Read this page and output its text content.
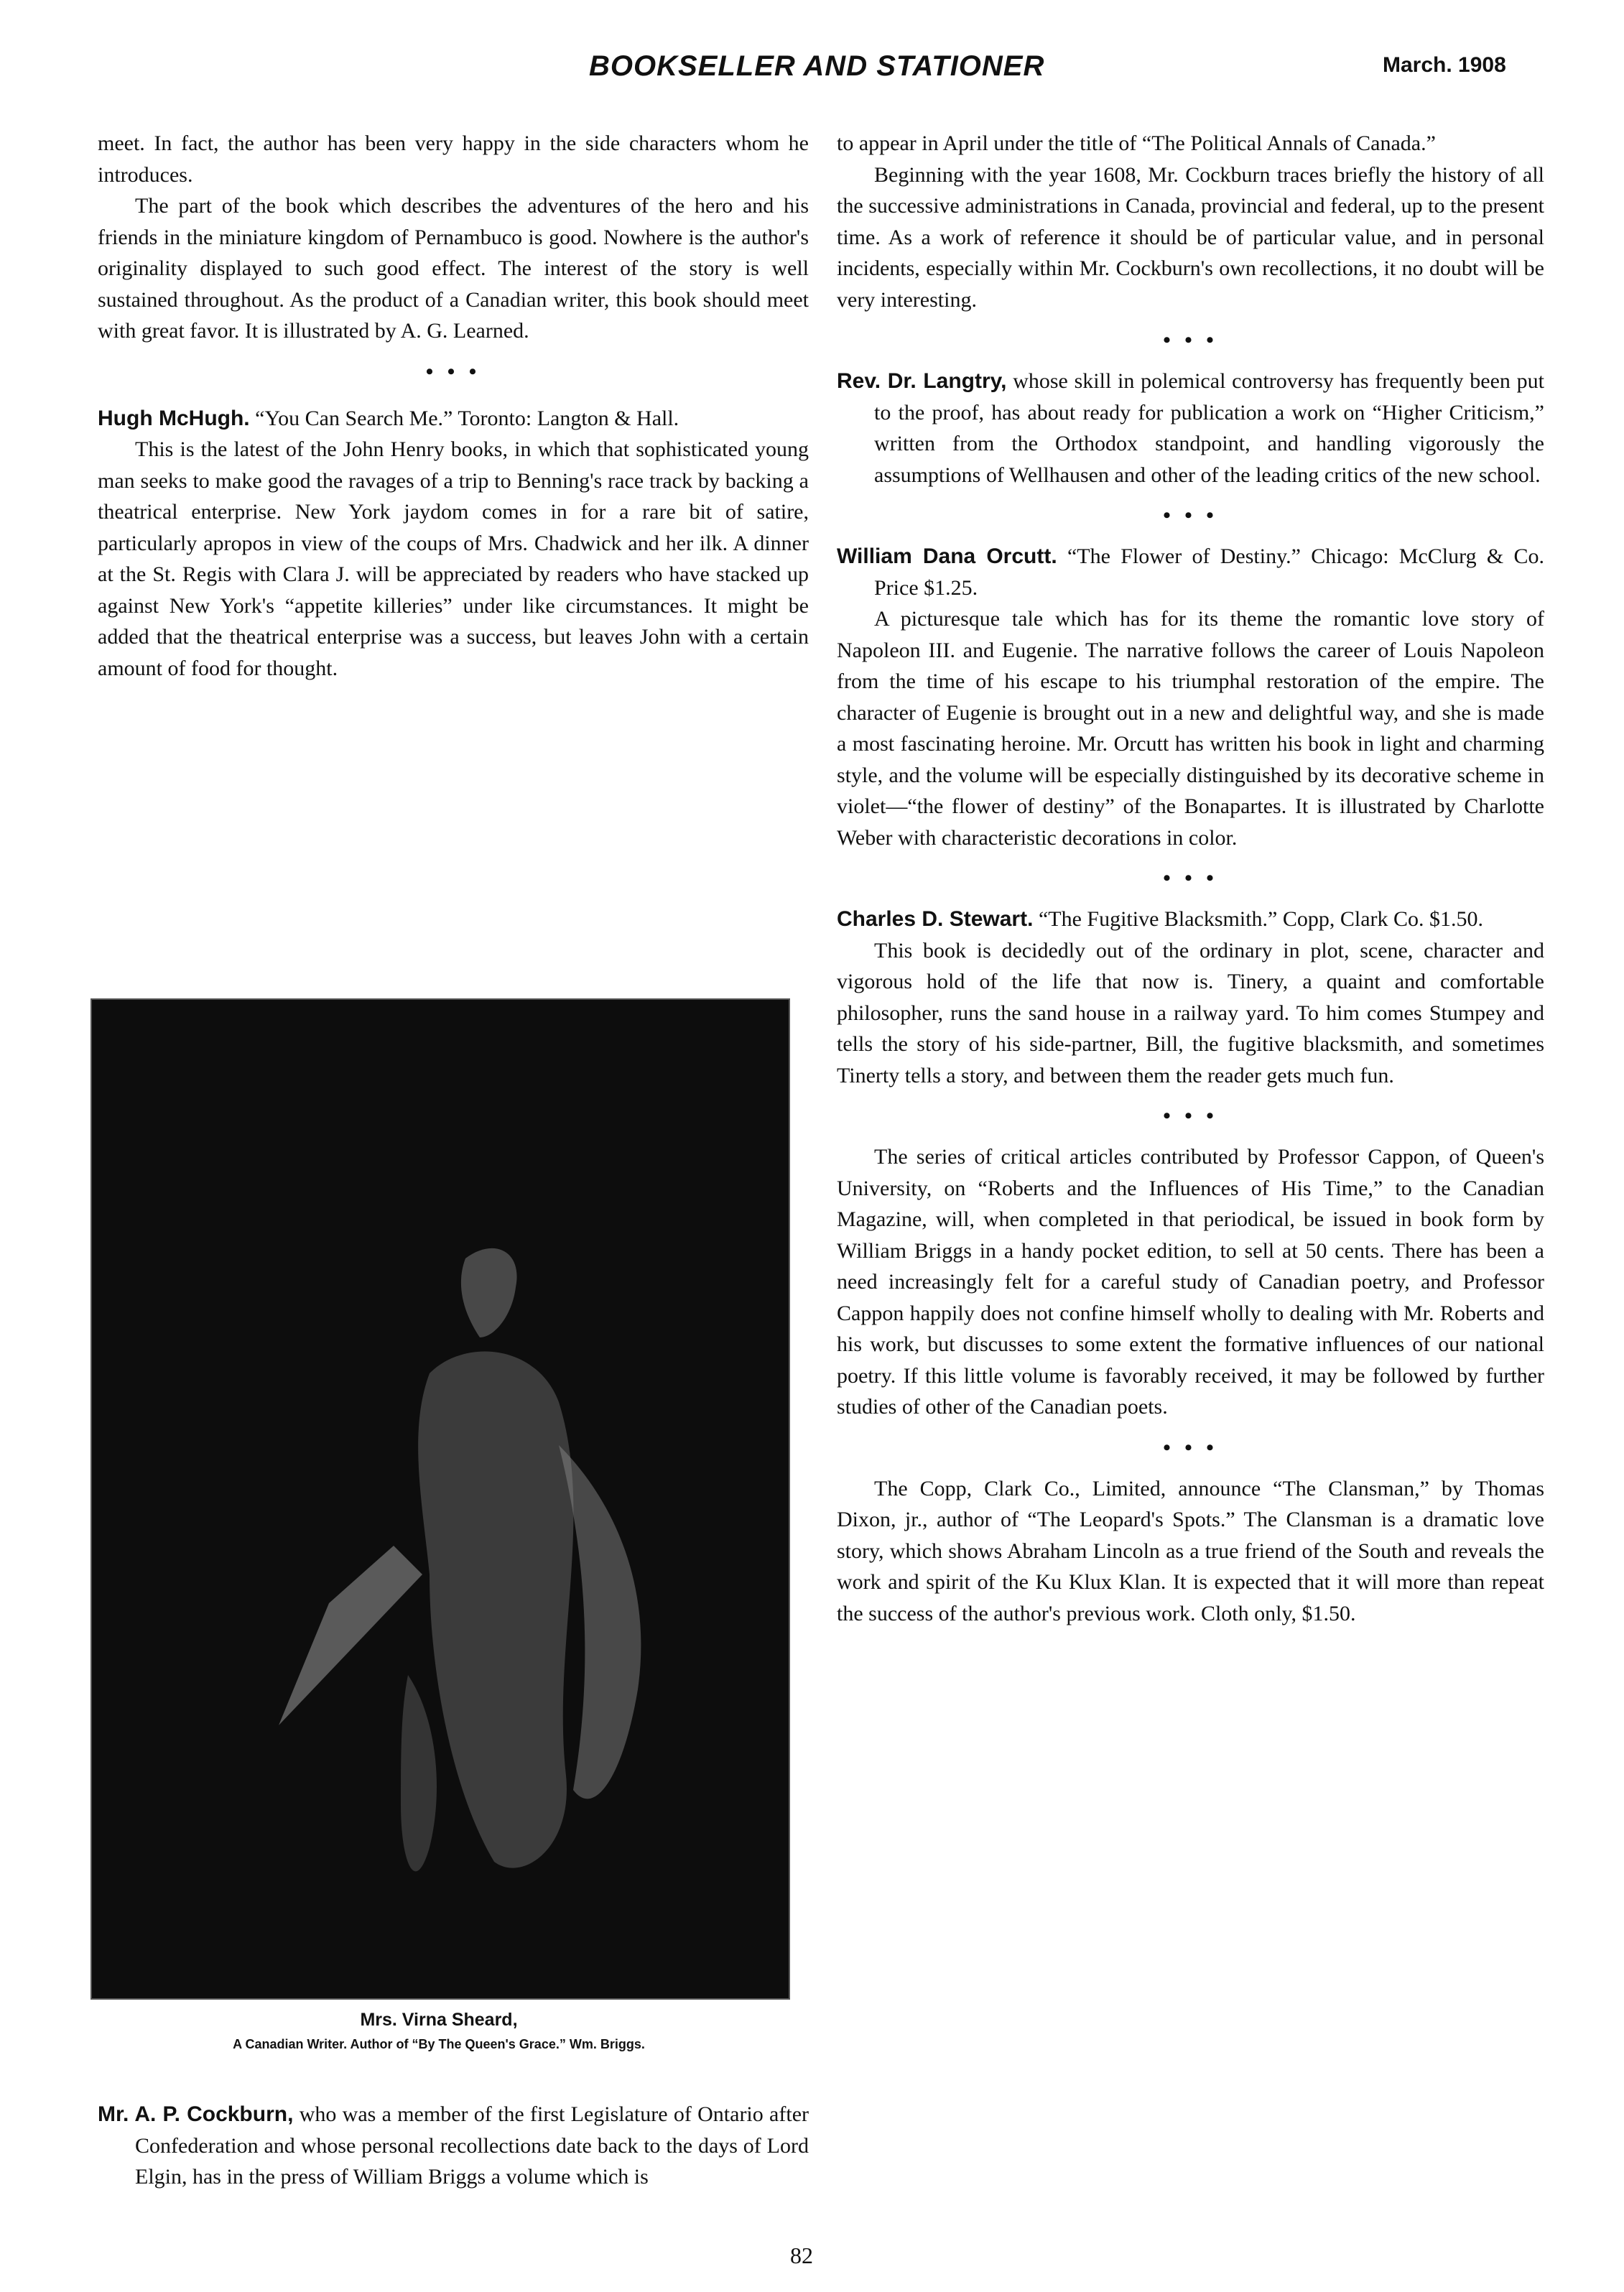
BOOKSELLER AND STATIONER	March. 1908

meet. In fact, the author has been very happy in the side characters whom he introduces.

The part of the book which describes the adventures of the hero and his friends in the miniature kingdom of Pernambuco is good. Nowhere is the author's originality displayed to such good effect. The interest of the story is well sustained throughout. As the product of a Canadian writer, this book should meet with great favor. It is illustrated by A. G. Learned.

• • •

Hugh McHugh. “You Can Search Me.” Toronto: Langton & Hall.

This is the latest of the John Henry books, in which that sophisticated young man seeks to make good the ravages of a trip to Benning's race track by backing a theatrical enterprise. New York jaydom comes in for a rare bit of satire, particularly apropos in view of the coups of Mrs. Chadwick and her ilk. A dinner at the St. Regis with Clara J. will be appreciated by readers who have stacked up against New York's “appetite killeries” under like circumstances. It might be added that the theatrical enterprise was a success, but leaves John with a certain amount of food for thought.

Mrs. Virna Sheard,
A Canadian Writer. Author of “By The Queen's Grace.” Wm. Briggs.

Mr. A. P. Cockburn, who was a member of the first Legislature of Ontario after Confederation and whose personal recollections date back to the days of Lord Elgin, has in the press of William Briggs a volume which is

to appear in April under the title of “The Political Annals of Canada.”

Beginning with the year 1608, Mr. Cockburn traces briefly the history of all the successive administrations in Canada, provincial and federal, up to the present time. As a work of reference it should be of particular value, and in personal incidents, especially within Mr. Cockburn's own recollections, it no doubt will be very interesting.

• • •

Rev. Dr. Langtry, whose skill in polemical controversy has frequently been put to the proof, has about ready for publication a work on “Higher Criticism,” written from the Orthodox standpoint, and handling vigorously the assumptions of Wellhausen and other of the leading critics of the new school.

• • •

William Dana Orcutt. “The Flower of Destiny.” Chicago: McClurg & Co. Price $1.25.

A picturesque tale which has for its theme the romantic love story of Napoleon III. and Eugenie. The narrative follows the career of Louis Napoleon from the time of his escape to his triumphal restoration of the empire. The character of Eugenie is brought out in a new and delightful way, and she is made a most fascinating heroine. Mr. Orcutt has written his book in light and charming style, and the volume will be especially distinguished by its decorative scheme in violet—“the flower of destiny” of the Bonapartes. It is illustrated by Charlotte Weber with characteristic decorations in color.

• • •

Charles D. Stewart. “The Fugitive Blacksmith.” Copp, Clark Co. $1.50.

This book is decidedly out of the ordinary in plot, scene, character and vigorous hold of the life that now is. Tinery, a quaint and comfortable philosopher, runs the sand house in a railway yard. To him comes Stumpey and tells the story of his side-partner, Bill, the fugitive blacksmith, and sometimes Tinerty tells a story, and between them the reader gets much fun.

• • •

The series of critical articles contributed by Professor Cappon, of Queen's University, on “Roberts and the Influences of His Time,” to the Canadian Magazine, will, when completed in that periodical, be issued in book form by William Briggs in a handy pocket edition, to sell at 50 cents. There has been a need increasingly felt for a careful study of Canadian poetry, and Professor Cappon happily does not confine himself wholly to dealing with Mr. Roberts and his work, but discusses to some extent the formative influences of our national poetry. If this little volume is favorably received, it may be followed by further studies of other of the Canadian poets.

• • •

The Copp, Clark Co., Limited, announce “The Clansman,” by Thomas Dixon, jr., author of “The Leopard's Spots.” The Clansman is a dramatic love story, which shows Abraham Lincoln as a true friend of the South and reveals the work and spirit of the Ku Klux Klan. It is expected that it will more than repeat the success of the author's previous work. Cloth only, $1.50.

82
